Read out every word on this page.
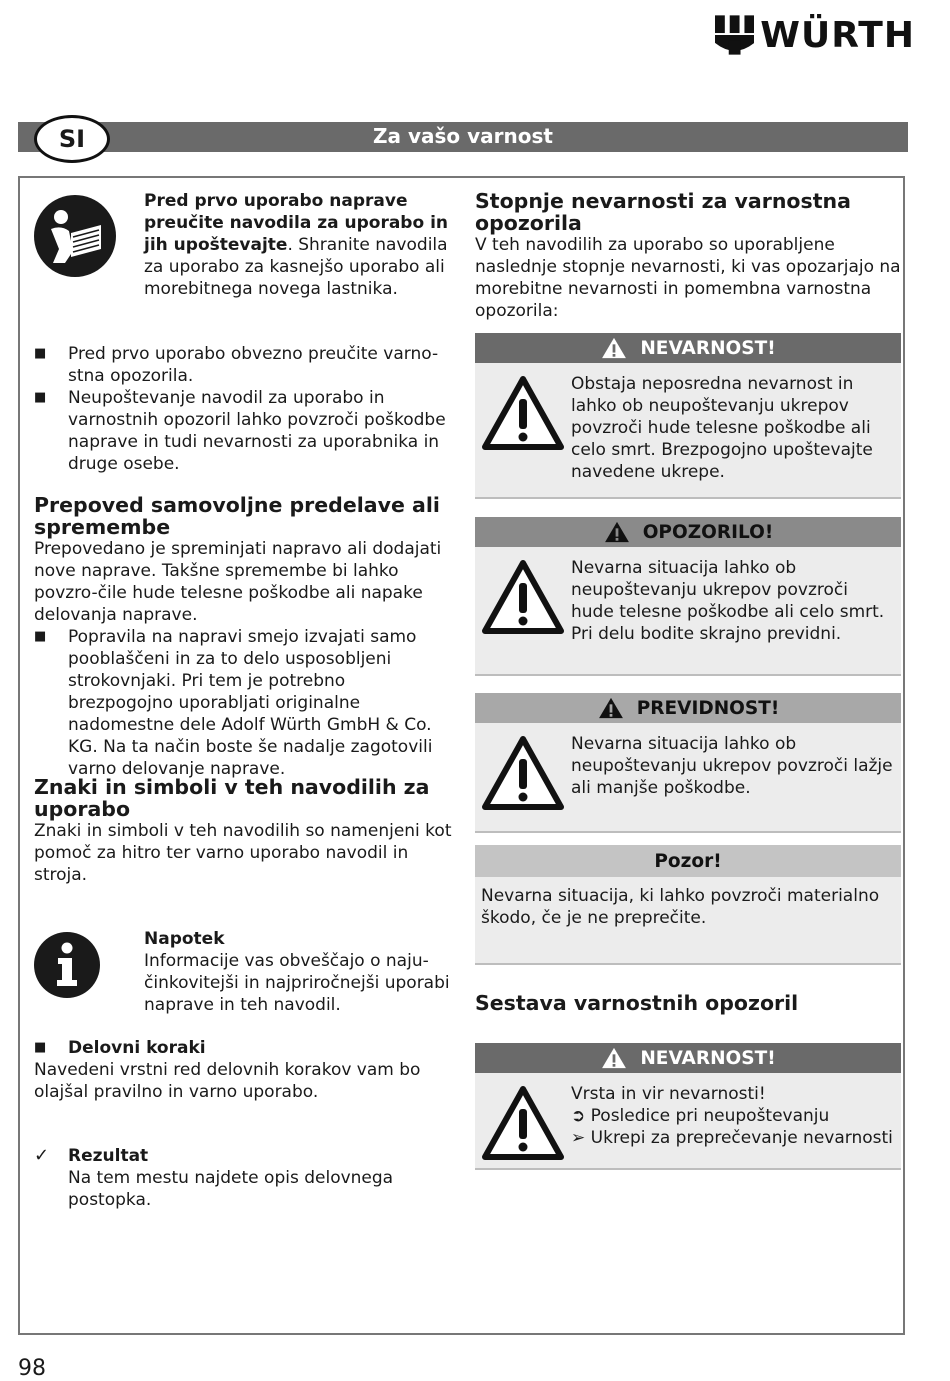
WÜRTH
Za vašo varnost
SI

Pred prvo uporabo naprave preučite navodila za uporabo in jih upoštevajte. Shranite navodila za uporabo za kasnejšo uporabo ali morebitnega novega lastnika.

■	Pred prvo uporabo obvezno preučite varno-stna opozorila.
■	Neupoštevanje navodil za uporabo in varnostnih opozoril lahko povzroči poškodbe naprave in tudi nevarnosti za uporabnika in druge osebe.
Prepoved samovoljne predelave ali spremembe

Prepovedano je spreminjati napravo ali dodajati nove naprave. Takšne spremembe bi lahko povzro-čile hude telesne poškodbe ali napake delovanja naprave.

■	Popravila na napravi smejo izvajati samo pooblaščeni in za to delo usposobljeni strokovnjaki. Pri tem je potrebno brezpogojno uporabljati originalne nadomestne dele Adolf Würth GmbH & Co. KG. Na ta način boste še nadalje zagotovili varno delovanje naprave.
Znaki in simboli v teh navodilih za uporabo

Znaki in simboli v teh navodilih so namenjeni kot pomoč za hitro ter varno uporabo navodil in stroja.

Napotek

Informacije vas obveščajo o naju-činkovitejši in najpriročnejši uporabi naprave in teh navodil.

■	Delovni koraki

Navedeni vrstni red delovnih korakov vam bo olajšal pravilno in varno uporabo.

✓	Rezultat

Na tem mestu najdete opis delovnega postopka.

Stopnje nevarnosti za varnostna opozorila

V teh navodilih za uporabo so uporabljene naslednje stopnje nevarnosti, ki vas opozarjajo na morebitne nevarnosti in pomembna varnostna opozorila:

NEVARNOST!

Obstaja neposredna nevarnost in lahko ob neupoštevanju ukrepov povzroči hude telesne poškodbe ali celo smrt. Brezpogojno upoštevajte navedene ukrepe.

OPOZORILO!

Nevarna situacija lahko ob neupoštevanju ukrepov povzroči hude telesne poškodbe ali celo smrt. Pri delu bodite skrajno previdni.

PREVIDNOST!

Nevarna situacija lahko ob neupoštevanju ukrepov povzroči lažje ali manjše poškodbe.

Pozor!

Nevarna situacija, ki lahko povzroči materialno škodo, če je ne preprečite.

Sestava varnostnih opozoril
NEVARNOST!

Vrsta in vir nevarnosti!

➲ Posledice pri neupoštevanju

➢ Ukrepi za preprečevanje nevarnosti

98
